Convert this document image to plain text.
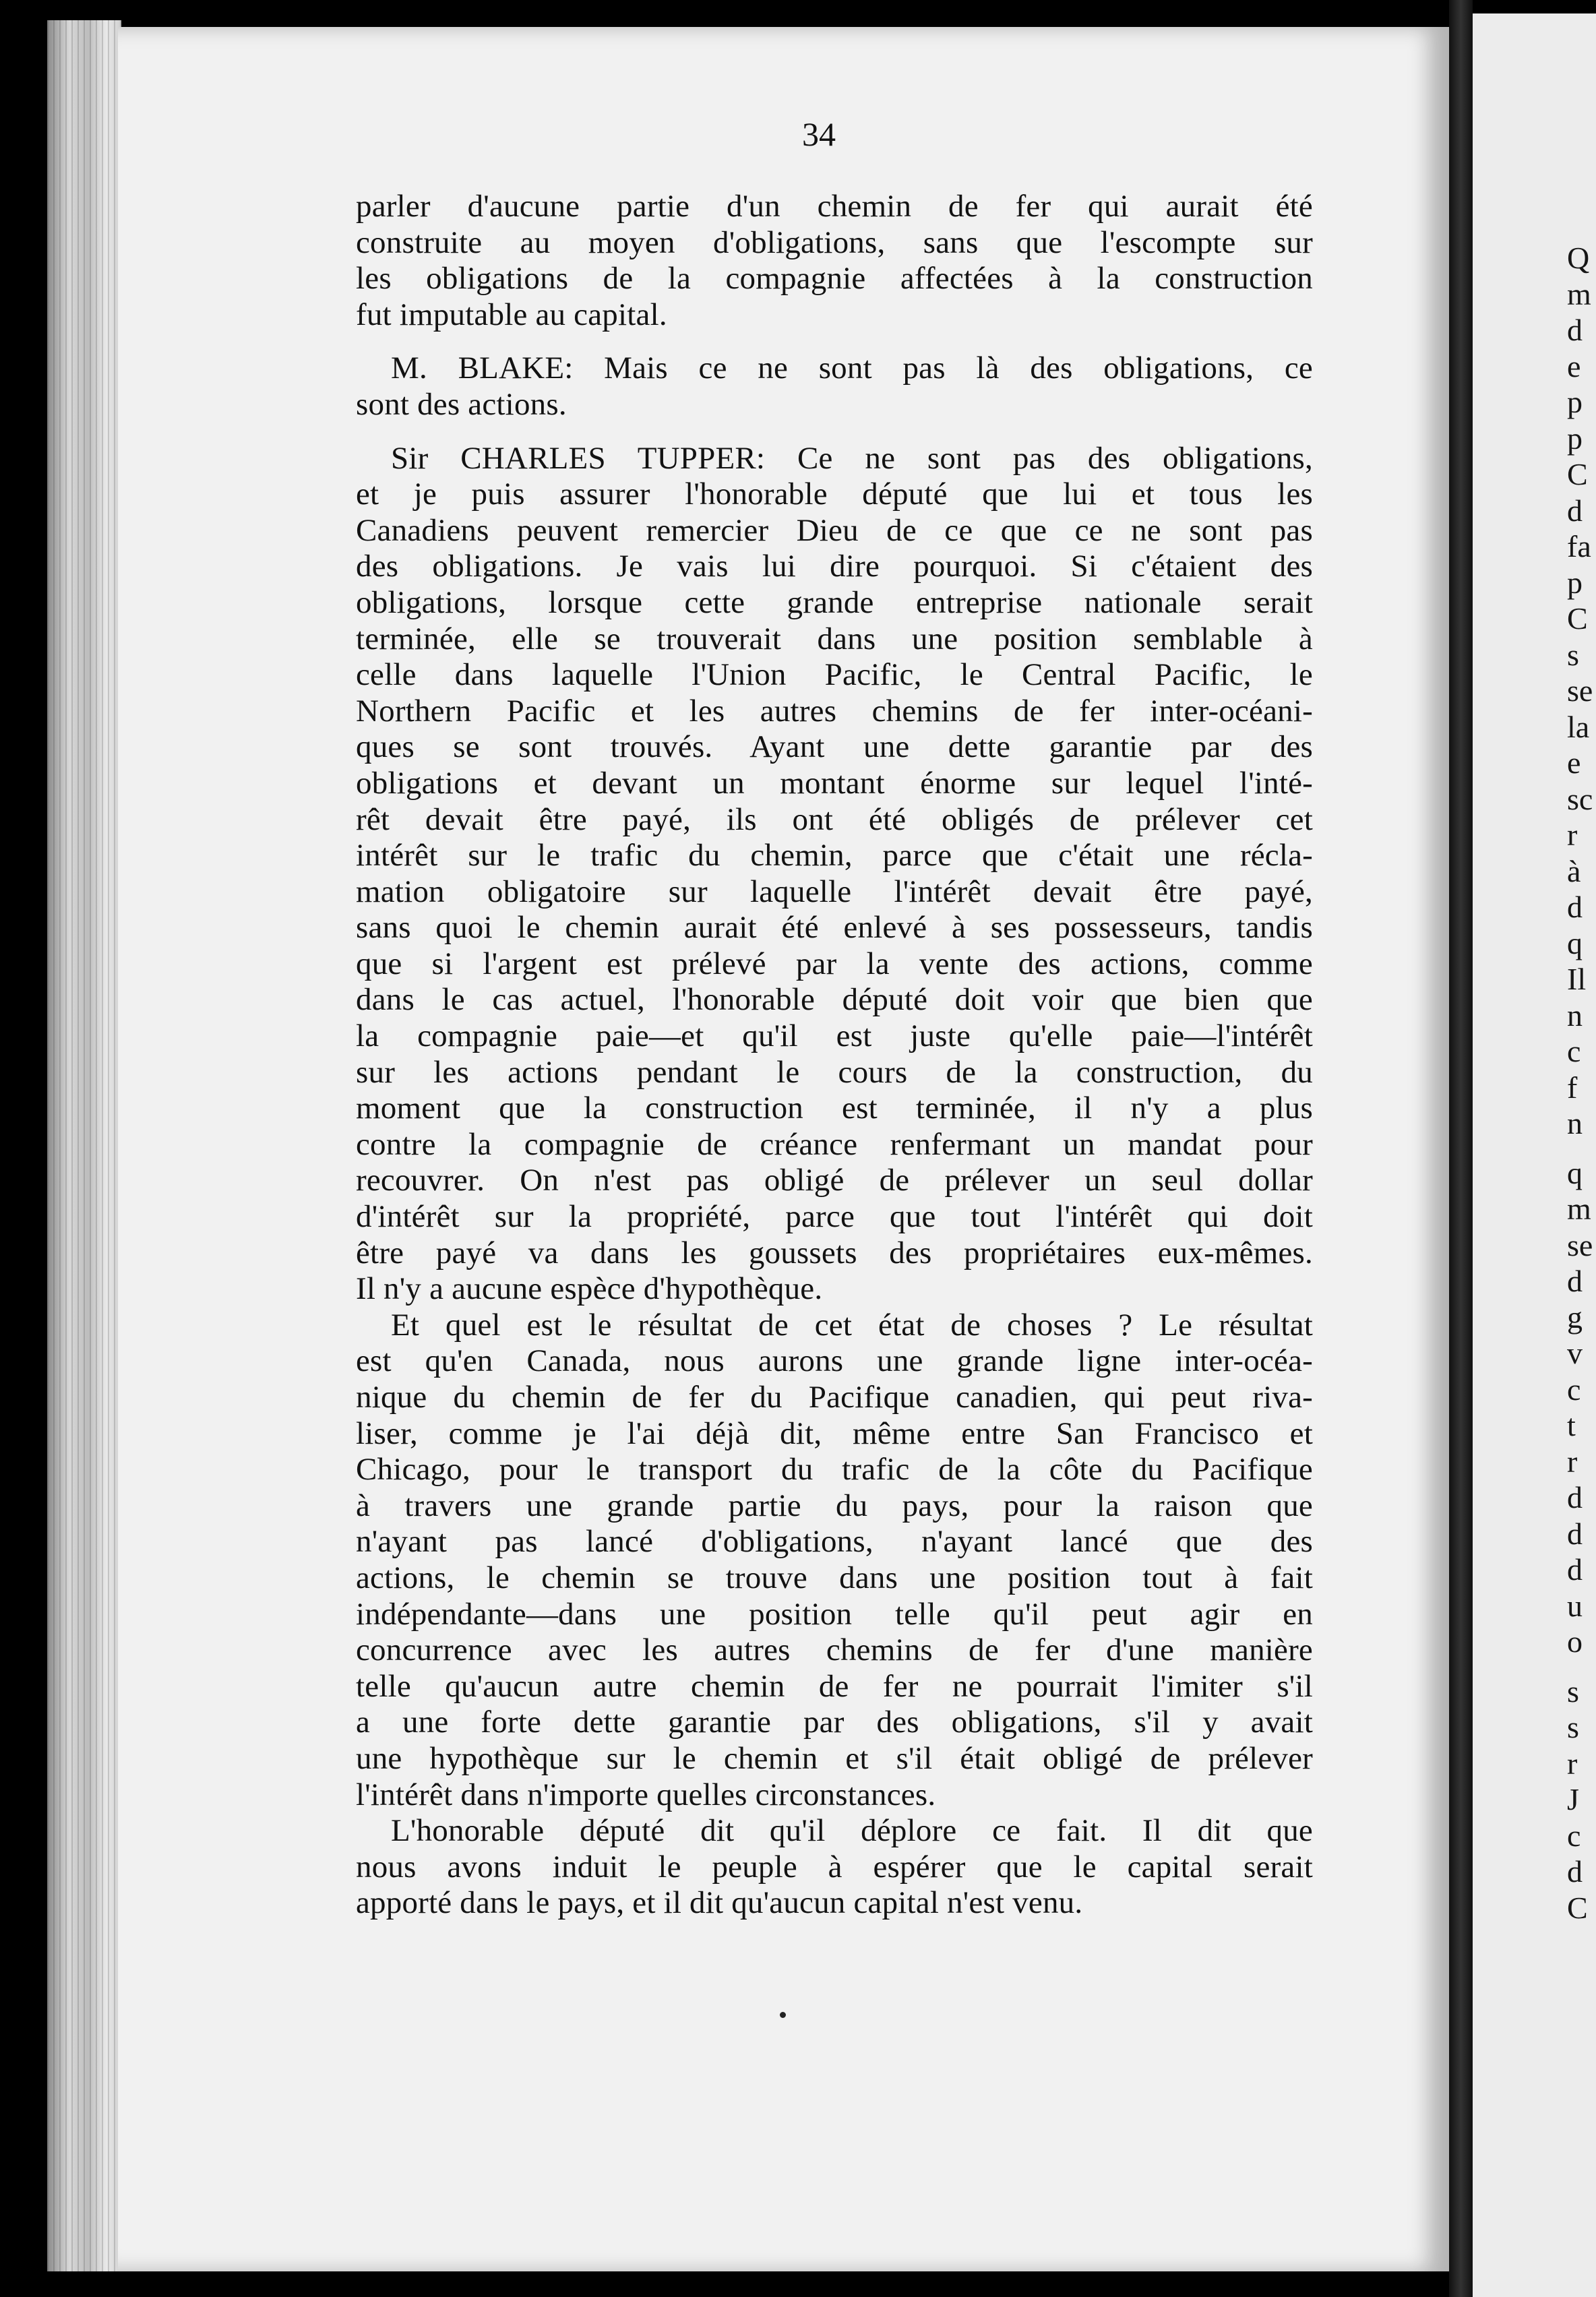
Q
m
d
e
p
p
C
d
fa
p
C
s
se
la
e
sc
r
à
d
q
Il
n
c
f
n
q
m
se
d
g
v
c
t
r
d
d
d
u
o
s
s
r
J
c
d
C
34
parler d'aucune partie d'un chemin de fer qui aurait été
construite au moyen d'obligations, sans que l'escompte sur
les obligations de la compagnie affectées à la construction
fut imputable au capital.
M. BLAKE: Mais ce ne sont pas là des obligations, ce
sont des actions.
Sir CHARLES TUPPER: Ce ne sont pas des obligations,
et je puis assurer l'honorable député que lui et tous les
Canadiens peuvent remercier Dieu de ce que ce ne sont pas
des obligations. Je vais lui dire pourquoi. Si c'étaient des
obligations, lorsque cette grande entreprise nationale serait
terminée, elle se trouverait dans une position semblable à
celle dans laquelle l'Union Pacific, le Central Pacific, le
Northern Pacific et les autres chemins de fer inter-océani-
ques se sont trouvés. Ayant une dette garantie par des
obligations et devant un montant énorme sur lequel l'inté-
rêt devait être payé, ils ont été obligés de prélever cet
intérêt sur le trafic du chemin, parce que c'était une récla-
mation obligatoire sur laquelle l'intérêt devait être payé,
sans quoi le chemin aurait été enlevé à ses possesseurs, tandis
que si l'argent est prélevé par la vente des actions, comme
dans le cas actuel, l'honorable député doit voir que bien que
la compagnie paie—et qu'il est juste qu'elle paie—l'intérêt
sur les actions pendant le cours de la construction, du
moment que la construction est terminée, il n'y a plus
contre la compagnie de créance renfermant un mandat pour
recouvrer. On n'est pas obligé de prélever un seul dollar
d'intérêt sur la propriété, parce que tout l'intérêt qui doit
être payé va dans les goussets des propriétaires eux-mêmes.
Il n'y a aucune espèce d'hypothèque.
Et quel est le résultat de cet état de choses ? Le résultat
est qu'en Canada, nous aurons une grande ligne inter-océa-
nique du chemin de fer du Pacifique canadien, qui peut riva-
liser, comme je l'ai déjà dit, même entre San Francisco et
Chicago, pour le transport du trafic de la côte du Pacifique
à travers une grande partie du pays, pour la raison que
n'ayant pas lancé d'obligations, n'ayant lancé que des
actions, le chemin se trouve dans une position tout à fait
indépendante—dans une position telle qu'il peut agir en
concurrence avec les autres chemins de fer d'une manière
telle qu'aucun autre chemin de fer ne pourrait l'imiter s'il
a une forte dette garantie par des obligations, s'il y avait
une hypothèque sur le chemin et s'il était obligé de prélever
l'intérêt dans n'importe quelles circonstances.
L'honorable député dit qu'il déplore ce fait. Il dit que
nous avons induit le peuple à espérer que le capital serait
apporté dans le pays, et il dit qu'aucun capital n'est venu.
